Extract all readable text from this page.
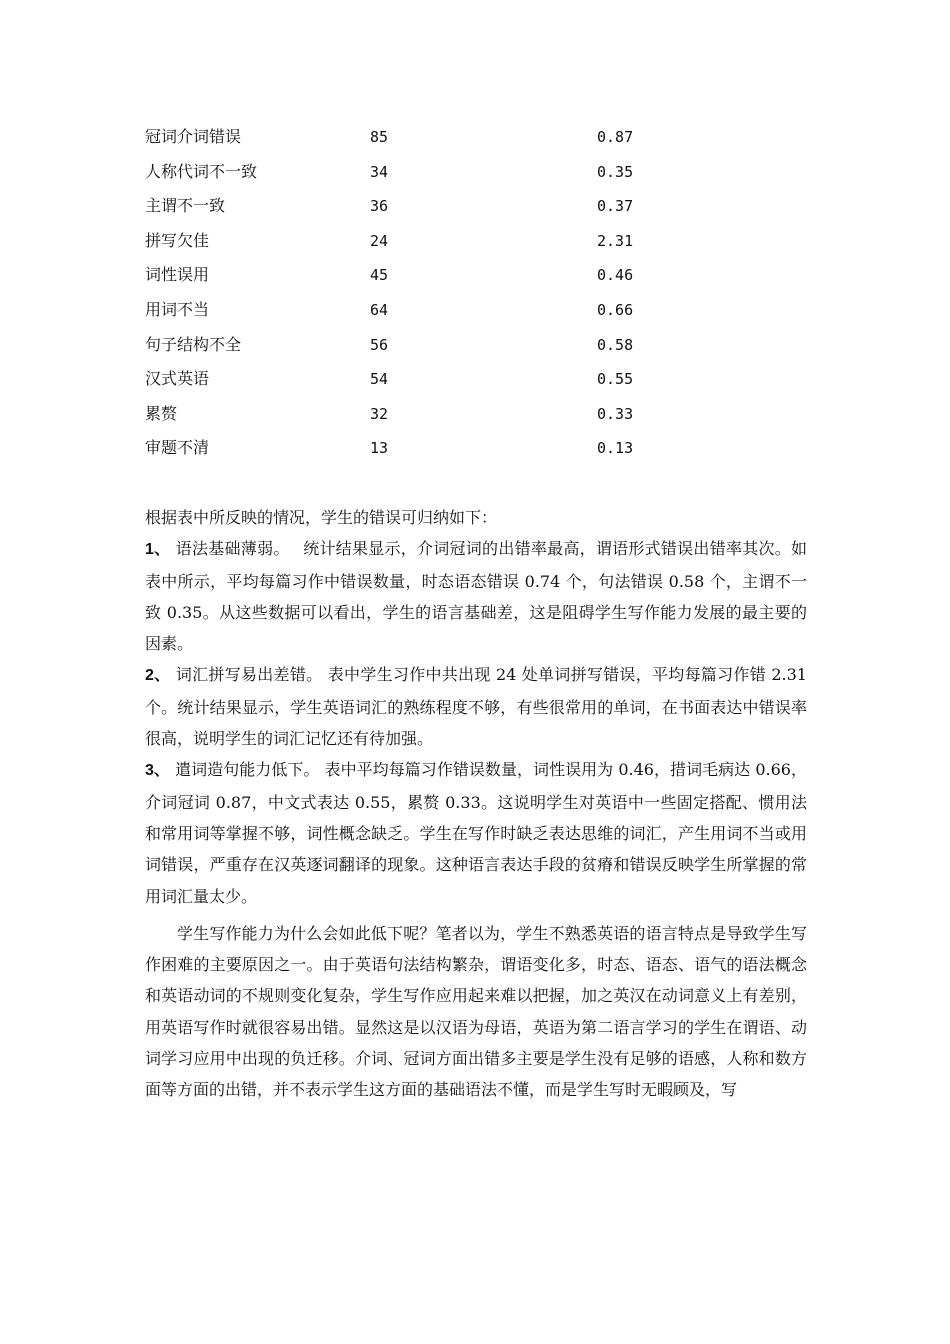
冠词介词错误	85	0.87
人称代词不一致	34	0.35
主谓不一致	36	0.37
拼写欠佳	24	2.31
词性误用	45	0.46
用词不当	64	0.66
句子结构不全	56	0.58
汉式英语	54	0.55
累赘	32	0.33
审题不清	13	0.13

根据表中所反映的情况，学生的错误可归纳如下：

1、 语法基础薄弱。　 统计结果显示，介词冠词的出错率最高，谓语形式错误出错率其次。如表中所示，平均每篇习作中错误数量，时态语态错误 0.74 个，句法错误 0.58 个，主谓不一致 0.35。从这些数据可以看出，学生的语言基础差，这是阻碍学生写作能力发展的最主要的因素。

2、 词汇拼写易出差错。 表中学生习作中共出现 24 处单词拼写错误，平均每篇习作错 2.31 个。统计结果显示，学生英语词汇的熟练程度不够，有些很常用的单词，在书面表达中错误率很高，说明学生的词汇记忆还有待加强。

3、 遣词造句能力低下。 表中平均每篇习作错误数量，词性误用为 0.46，措词毛病达 0.66，介词冠词 0.87，中文式表达 0.55，累赘 0.33。这说明学生对英语中一些固定搭配、惯用法和常用词等掌握不够，词性概念缺乏。学生在写作时缺乏表达思维的词汇，产生用词不当或用词错误，严重存在汉英逐词翻译的现象。这种语言表达手段的贫瘠和错误反映学生所掌握的常用词汇量太少。

学生写作能力为什么会如此低下呢？笔者以为，学生不熟悉英语的语言特点是导致学生写作困难的主要原因之一。由于英语句法结构繁杂，谓语变化多，时态、语态、语气的语法概念和英语动词的不规则变化复杂，学生写作应用起来难以把握，加之英汉在动词意义上有差别，用英语写作时就很容易出错。显然这是以汉语为母语，英语为第二语言学习的学生在谓语、动词学习应用中出现的负迁移。介词、冠词方面出错多主要是学生没有足够的语感，人称和数方面等方面的出错，并不表示学生这方面的基础语法不懂，而是学生写时无暇顾及，写
